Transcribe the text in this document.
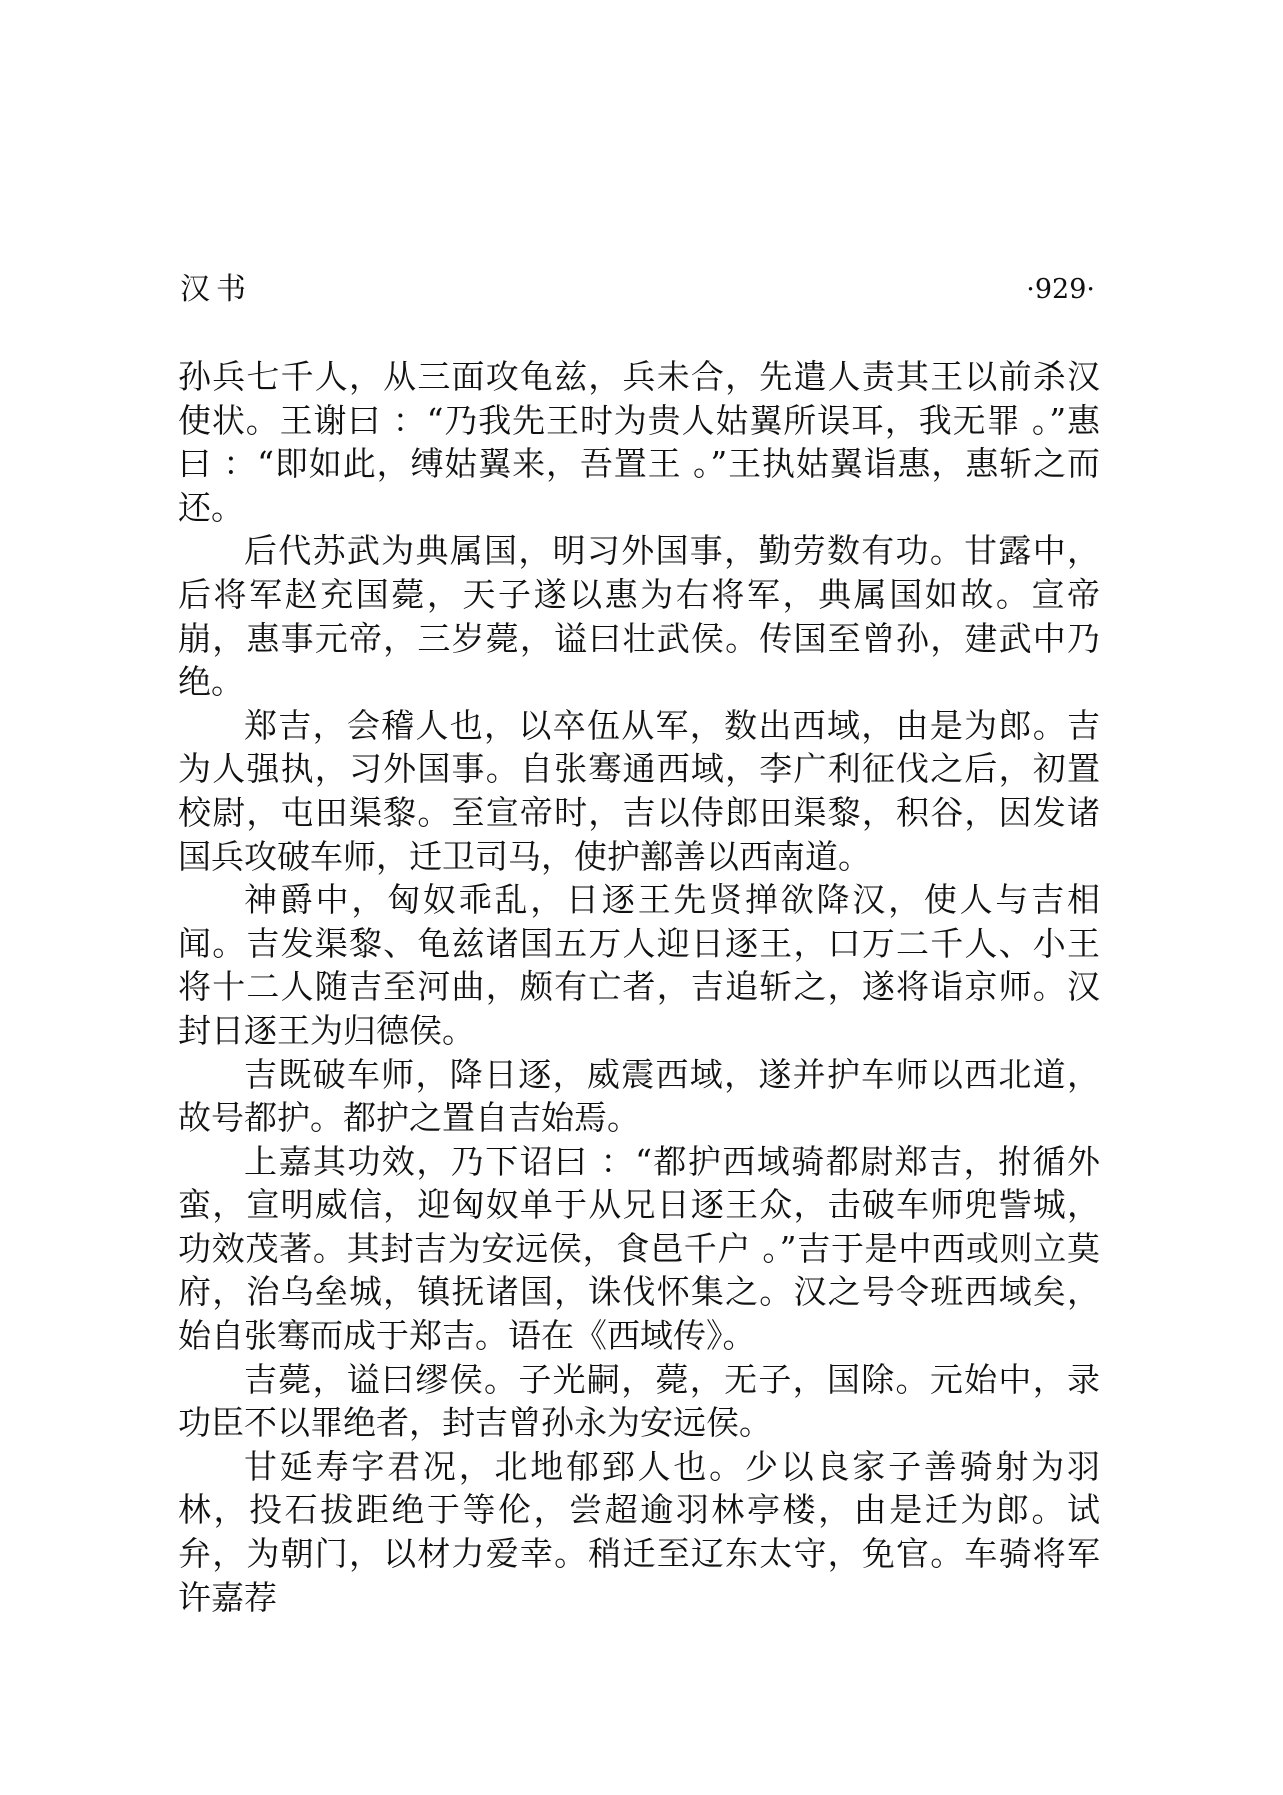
汉书	·929·

孙兵七千人，从三面攻龟兹，兵未合，先遣人责其王以前杀汉使状。王谢曰 ：“乃我先王时为贵人姑翼所误耳，我无罪 。”惠曰 ：“即如此，缚姑翼来，吾置王 。”王执姑翼诣惠，惠斩之而还。

后代苏武为典属国，明习外国事，勤劳数有功。甘露中，后将军赵充国薨，天子遂以惠为右将军，典属国如故。宣帝崩，惠事元帝，三岁薨，谥曰壮武侯。传国至曾孙，建武中乃绝。

郑吉，会稽人也，以卒伍从军，数出西域，由是为郎。吉为人强执，习外国事。自张骞通西域，李广利征伐之后，初置校尉，屯田渠黎。至宣帝时，吉以侍郎田渠黎，积谷，因发诸国兵攻破车师，迁卫司马，使护鄯善以西南道。

神爵中，匈奴乖乱，日逐王先贤掸欲降汉，使人与吉相闻。吉发渠黎、龟兹诸国五万人迎日逐王，口万二千人、小王将十二人随吉至河曲，颇有亡者，吉追斩之，遂将诣京师。汉封日逐王为归德侯。

吉既破车师，降日逐，威震西域，遂并护车师以西北道，故号都护。都护之置自吉始焉。

上嘉其功效，乃下诏曰 ：“都护西域骑都尉郑吉，拊循外蛮，宣明威信，迎匈奴单于从兄日逐王众，击破车师兜訾城，功效茂著。其封吉为安远侯，食邑千户 。”吉于是中西或则立莫府，治乌垒城，镇抚诸国，诛伐怀集之。汉之号令班西域矣，始自张骞而成于郑吉。语在《西域传》。

吉薨，谥曰缪侯。子光嗣，薨，无子，国除。元始中，录功臣不以罪绝者，封吉曾孙永为安远侯。

甘延寿字君况，北地郁郅人也。少以良家子善骑射为羽林，投石拔距绝于等伦，尝超逾羽林亭楼，由是迁为郎。试弁，为朝门，以材力爱幸。稍迁至辽东太守，免官。车骑将军许嘉荐
